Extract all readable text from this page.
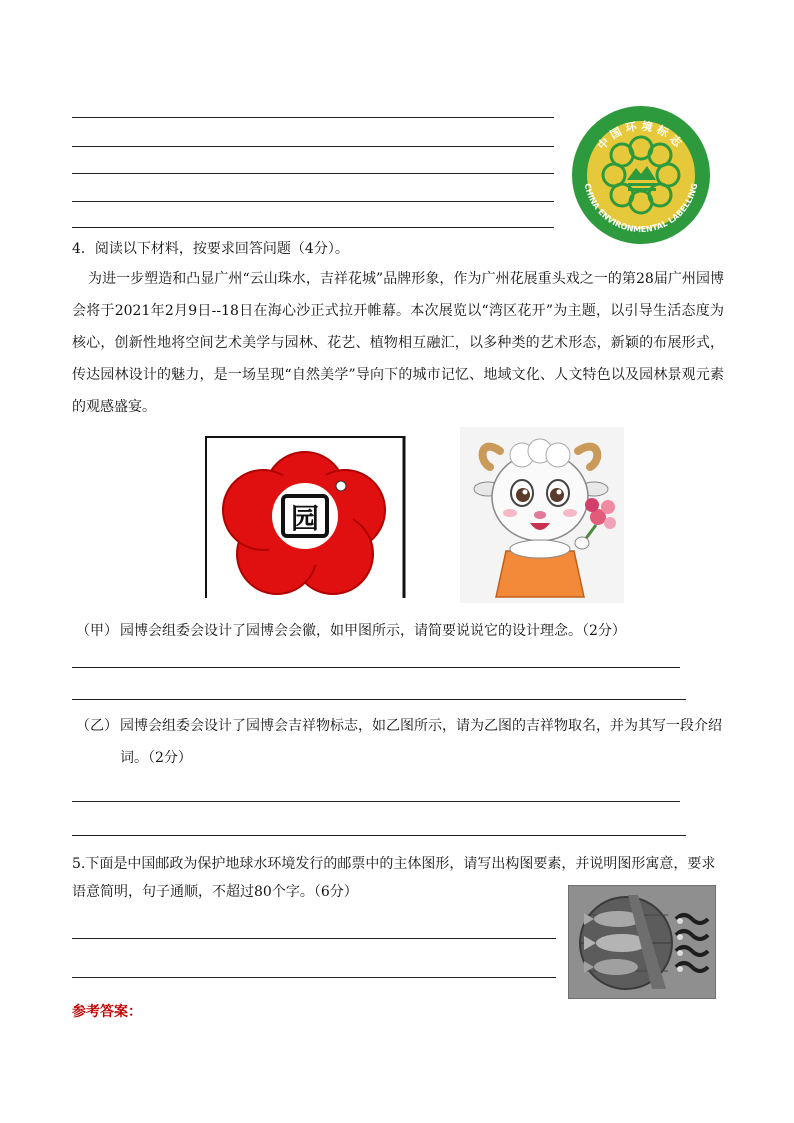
中国环境标志
CHINA ENVIRONMENTAL LABELLING
4．阅读以下材料，按要求回答问题（4分）。
为进一步塑造和凸显广州“云山珠水，吉祥花城”品牌形象，作为广州花展重头戏之一的第28届广州园博会将于2021年2月9日--18日在海心沙正式拉开帷幕。本次展览以“湾区花开”为主题，以引导生活态度为核心，创新性地将空间艺术美学与园林、花艺、植物相互融汇，以多种类的艺术形态，新颖的布展形式，传达园林设计的魅力，是一场呈现“自然美学”导向下的城市记忆、地域文化、人文特色以及园林景观元素的观感盛宴。
园
（甲） 园博会组委会设计了园博会会徽，如甲图所示，请简要说说它的设计理念。（2分）
（乙） 园博会组委会设计了园博会吉祥物标志，如乙图所示，请为乙图的吉祥物取名，并为其写一段介绍
词。（2分）
5.下面是中国邮政为保护地球水环境发行的邮票中的主体图形，请写出构图要素，并说明图形寓意，要求
语意简明，句子通顺，不超过80个字。（6分）
参考答案：
